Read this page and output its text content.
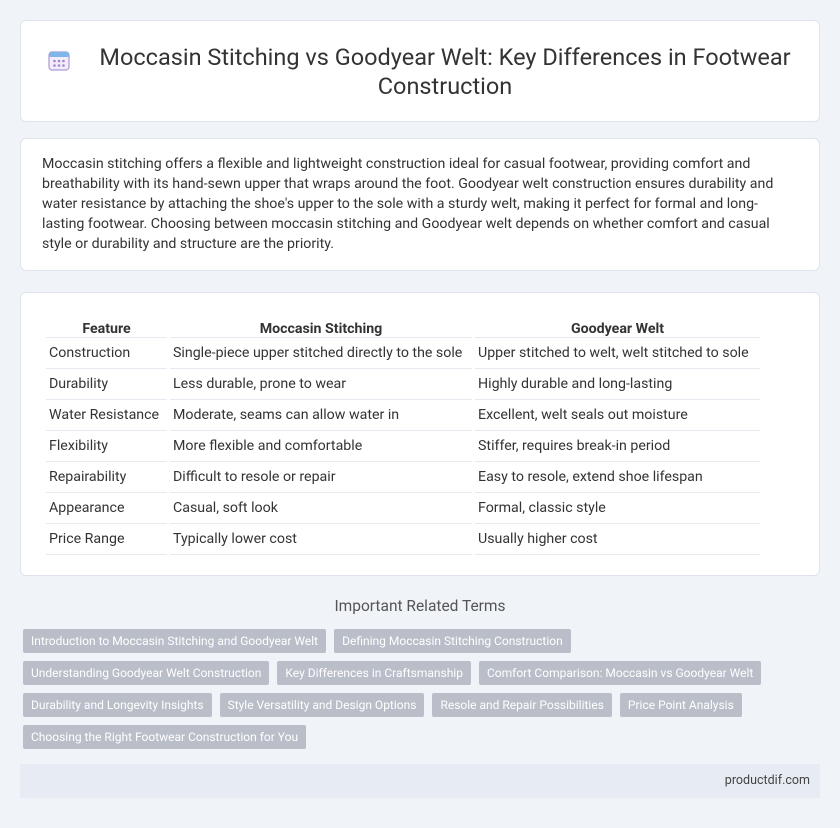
Moccasin Stitching vs Goodyear Welt: Key Differences in Footwear Construction

Moccasin stitching offers a flexible and lightweight construction ideal for casual footwear, providing comfort and breathability with its hand-sewn upper that wraps around the foot. Goodyear welt construction ensures durability and water resistance by attaching the shoe's upper to the sole with a sturdy welt, making it perfect for formal and long-lasting footwear. Choosing between moccasin stitching and Goodyear welt depends on whether comfort and casual style or durability and structure are the priority.

Feature	Moccasin Stitching	Goodyear Welt
Construction	Single-piece upper stitched directly to the sole	Upper stitched to welt, welt stitched to sole
Durability	Less durable, prone to wear	Highly durable and long-lasting
Water Resistance	Moderate, seams can allow water in	Excellent, welt seals out moisture
Flexibility	More flexible and comfortable	Stiffer, requires break-in period
Repairability	Difficult to resole or repair	Easy to resole, extend shoe lifespan
Appearance	Casual, soft look	Formal, classic style
Price Range	Typically lower cost	Usually higher cost
Important Related Terms
Introduction to Moccasin Stitching and Goodyear Welt	Defining Moccasin Stitching Construction
Understanding Goodyear Welt Construction	Key Differences in Craftsmanship	Comfort Comparison: Moccasin vs Goodyear Welt
Durability and Longevity Insights	Style Versatility and Design Options	Resole and Repair Possibilities	Price Point Analysis
Choosing the Right Footwear Construction for You
productdif.com
